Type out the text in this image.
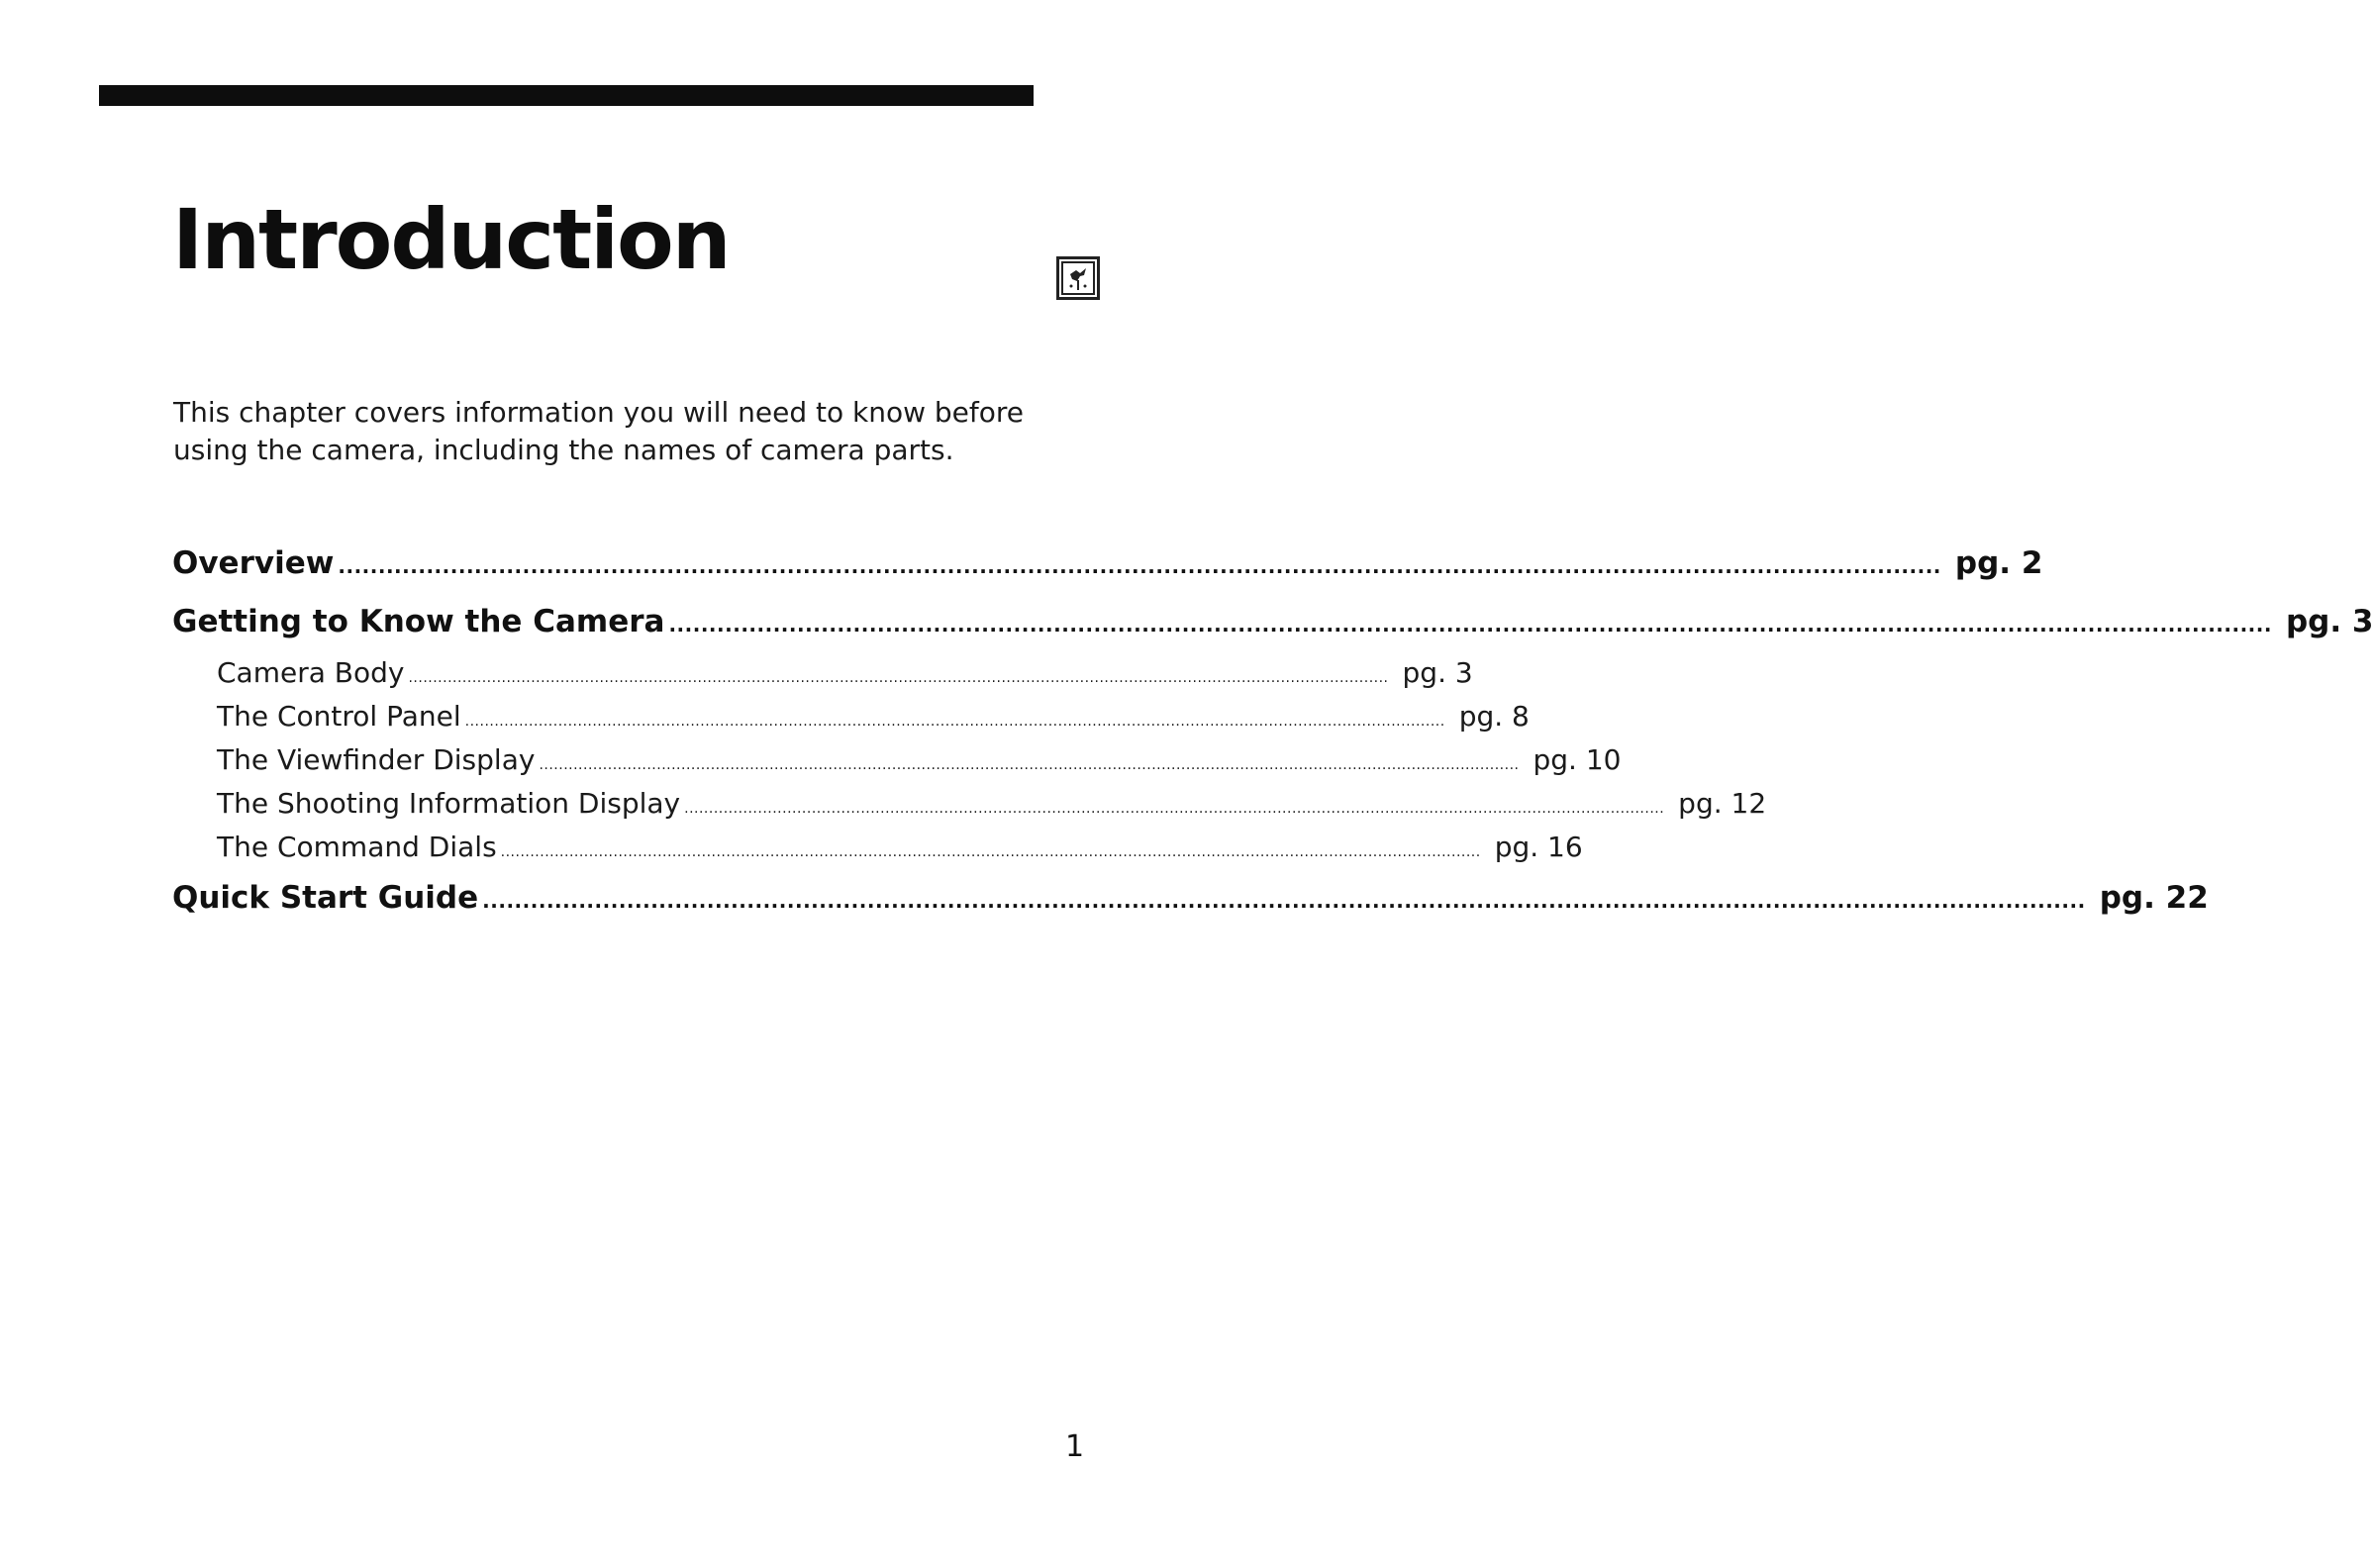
Introduction

This chapter covers information you will need to know before using the camera, including the names of camera parts.

Overview ........................................................................................................................................................................................................ pg. 2
Getting to Know the Camera ........................................................................................................................................................................................................ pg. 3
Camera Body ........................................................................................................................................................................................................ pg. 3
The Control Panel ........................................................................................................................................................................................................ pg. 8
The Viewfinder Display ........................................................................................................................................................................................................ pg. 10
The Shooting Information Display ........................................................................................................................................................................................................ pg. 12
The Command Dials ........................................................................................................................................................................................................ pg. 16
Quick Start Guide ........................................................................................................................................................................................................ pg. 22
1
